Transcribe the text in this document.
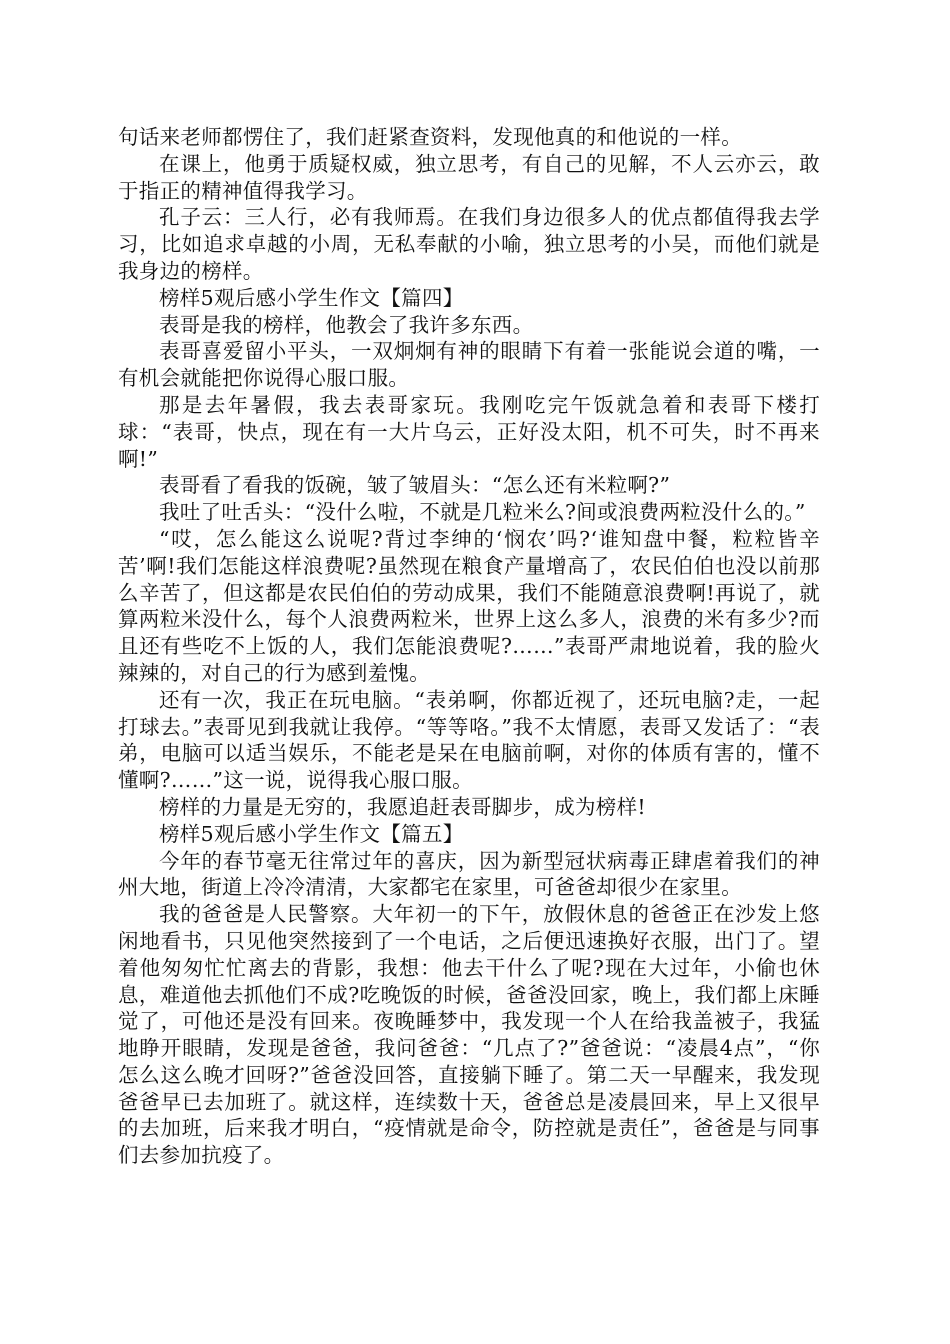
句话来老师都愣住了，我们赶紧查资料，发现他真的和他说的一样。

在课上，他勇于质疑权威，独立思考，有自己的见解，不人云亦云，敢于指正的精神值得我学习。

孔子云：三人行，必有我师焉。在我们身边很多人的优点都值得我去学习，比如追求卓越的小周，无私奉献的小喻，独立思考的小吴，而他们就是我身边的榜样。

榜样5观后感小学生作文【篇四】

表哥是我的榜样，他教会了我许多东西。

表哥喜爱留小平头，一双炯炯有神的眼睛下有着一张能说会道的嘴，一有机会就能把你说得心服口服。

那是去年暑假，我去表哥家玩。我刚吃完午饭就急着和表哥下楼打球：“表哥，快点，现在有一大片乌云，正好没太阳，机不可失，时不再来啊!”

表哥看了看我的饭碗，皱了皱眉头：“怎么还有米粒啊?”

我吐了吐舌头：“没什么啦，不就是几粒米么?间或浪费两粒没什么的。”

“哎，怎么能这么说呢?背过李绅的‘悯农’吗?‘谁知盘中餐，粒粒皆辛苦’啊!我们怎能这样浪费呢?虽然现在粮食产量增高了，农民伯伯也没以前那么辛苦了，但这都是农民伯伯的劳动成果，我们不能随意浪费啊!再说了，就算两粒米没什么，每个人浪费两粒米，世界上这么多人，浪费的米有多少?而且还有些吃不上饭的人，我们怎能浪费呢?……”表哥严肃地说着，我的脸火辣辣的，对自己的行为感到羞愧。

还有一次，我正在玩电脑。“表弟啊，你都近视了，还玩电脑?走，一起打球去。”表哥见到我就让我停。“等等咯。”我不太情愿，表哥又发话了：“表弟，电脑可以适当娱乐，不能老是呆在电脑前啊，对你的体质有害的，懂不懂啊?……”这一说，说得我心服口服。

榜样的力量是无穷的，我愿追赶表哥脚步，成为榜样!

榜样5观后感小学生作文【篇五】

今年的春节毫无往常过年的喜庆，因为新型冠状病毒正肆虐着我们的神州大地，街道上冷冷清清，大家都宅在家里，可爸爸却很少在家里。

我的爸爸是人民警察。大年初一的下午，放假休息的爸爸正在沙发上悠闲地看书，只见他突然接到了一个电话，之后便迅速换好衣服，出门了。望着他匆匆忙忙离去的背影，我想：他去干什么了呢?现在大过年，小偷也休息，难道他去抓他们不成?吃晚饭的时候，爸爸没回家，晚上，我们都上床睡觉了，可他还是没有回来。夜晚睡梦中，我发现一个人在给我盖被子，我猛地睁开眼睛，发现是爸爸，我问爸爸：“几点了?”爸爸说：“凌晨4点”，“你怎么这么晚才回呀?”爸爸没回答，直接躺下睡了。第二天一早醒来，我发现爸爸早已去加班了。就这样，连续数十天，爸爸总是凌晨回来，早上又很早的去加班，后来我才明白，“疫情就是命令，防控就是责任”，爸爸是与同事们去参加抗疫了。
